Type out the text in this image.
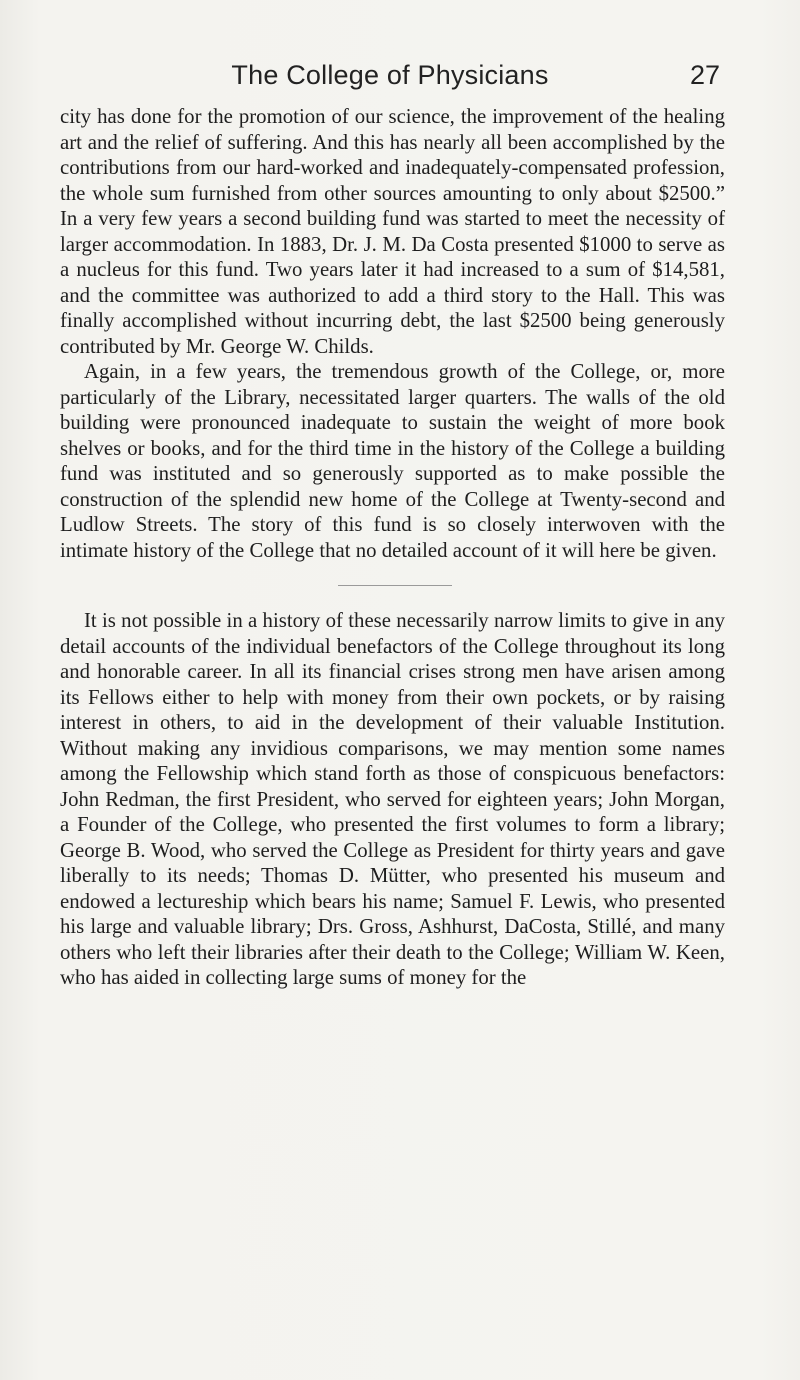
The College of Physicians	27

city has done for the promotion of our science, the improvement of the healing art and the relief of suffering. And this has nearly all been accomplished by the contributions from our hard-worked and inadequately-compensated profession, the whole sum furnished from other sources amounting to only about $2500.” In a very few years a second building fund was started to meet the necessity of larger accommodation. In 1883, Dr. J. M. Da Costa presented $1000 to serve as a nucleus for this fund. Two years later it had increased to a sum of $14,581, and the committee was authorized to add a third story to the Hall. This was finally accomplished without incurring debt, the last $2500 being generously contributed by Mr. George W. Childs.

Again, in a few years, the tremendous growth of the College, or, more particularly of the Library, necessitated larger quarters. The walls of the old building were pronounced inadequate to sustain the weight of more book shelves or books, and for the third time in the history of the College a building fund was instituted and so generously supported as to make possible the construction of the splendid new home of the College at Twenty-second and Ludlow Streets. The story of this fund is so closely interwoven with the intimate history of the College that no detailed account of it will here be given.

It is not possible in a history of these necessarily narrow limits to give in any detail accounts of the individual benefactors of the College throughout its long and honorable career. In all its financial crises strong men have arisen among its Fellows either to help with money from their own pockets, or by raising interest in others, to aid in the development of their valuable Institution. Without making any invidious comparisons, we may mention some names among the Fellowship which stand forth as those of conspicuous benefactors: John Redman, the first President, who served for eighteen years; John Morgan, a Founder of the College, who presented the first volumes to form a library; George B. Wood, who served the College as President for thirty years and gave liberally to its needs; Thomas D. Mütter, who presented his museum and endowed a lectureship which bears his name; Samuel F. Lewis, who presented his large and valuable library; Drs. Gross, Ashhurst, DaCosta, Stillé, and many others who left their libraries after their death to the College; William W. Keen, who has aided in collecting large sums of money for the
